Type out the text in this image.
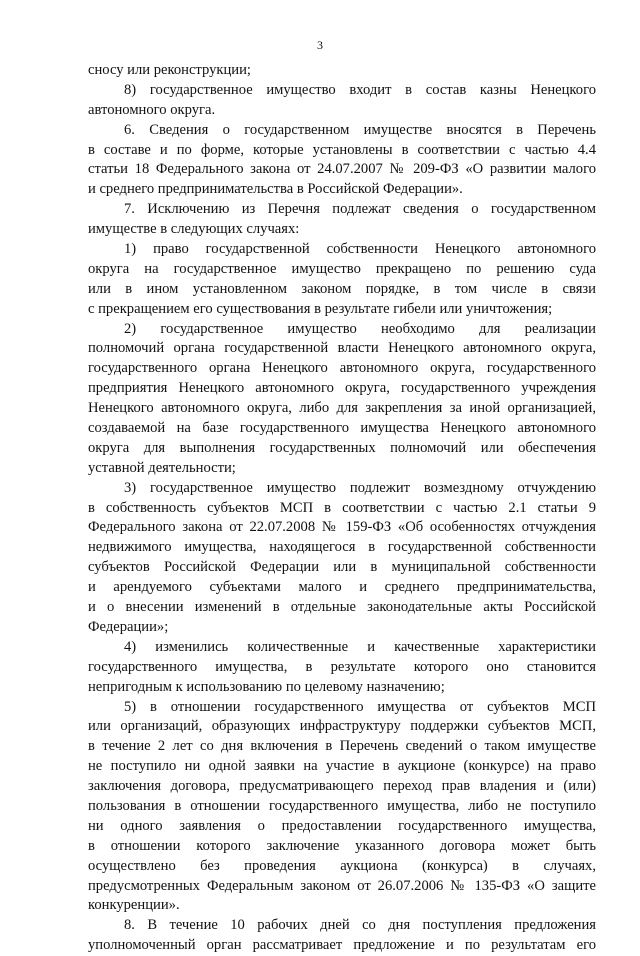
3
сносу или реконструкции;
8) государственное имущество входит в состав казны Ненецкого
автономного округа.
6. Сведения о государственном имуществе вносятся в Перечень
в составе и по форме, которые установлены в соответствии с частью 4.4
статьи 18 Федерального закона от 24.07.2007 № 209-ФЗ «О развитии малого
и среднего предпринимательства в Российской Федерации».
7. Исключению из Перечня подлежат сведения о государственном
имуществе в следующих случаях:
1) право государственной собственности Ненецкого автономного
округа на государственное имущество прекращено по решению суда
или в ином установленном законом порядке, в том числе в связи
с прекращением его существования в результате гибели или уничтожения;
2) государственное имущество необходимо для реализации
полномочий органа государственной власти Ненецкого автономного округа,
государственного органа Ненецкого автономного округа, государственного
предприятия Ненецкого автономного округа, государственного учреждения
Ненецкого автономного округа, либо для закрепления за иной организацией,
создаваемой на базе государственного имущества Ненецкого автономного
округа для выполнения государственных полномочий или обеспечения
уставной деятельности;
3) государственное имущество подлежит возмездному отчуждению
в собственность субъектов МСП в соответствии с частью 2.1 статьи 9
Федерального закона от 22.07.2008 № 159-ФЗ «Об особенностях отчуждения
недвижимого имущества, находящегося в государственной собственности
субъектов Российской Федерации или в муниципальной собственности
и арендуемого субъектами малого и среднего предпринимательства,
и о внесении изменений в отдельные законодательные акты Российской
Федерации»;
4) изменились количественные и качественные характеристики
государственного имущества, в результате которого оно становится
непригодным к использованию по целевому назначению;
5) в отношении государственного имущества от субъектов МСП
или организаций, образующих инфраструктуру поддержки субъектов МСП,
в течение 2 лет со дня включения в Перечень сведений о таком имуществе
не поступило ни одной заявки на участие в аукционе (конкурсе) на право
заключения договора, предусматривающего переход прав владения и (или)
пользования в отношении государственного имущества, либо не поступило
ни одного заявления о предоставлении государственного имущества,
в отношении которого заключение указанного договора может быть
осуществлено без проведения аукциона (конкурса) в случаях,
предусмотренных Федеральным законом от 26.07.2006 № 135-ФЗ «О защите
конкуренции».
8. В течение 10 рабочих дней со дня поступления предложения
уполномоченный орган рассматривает предложение и по результатам его
